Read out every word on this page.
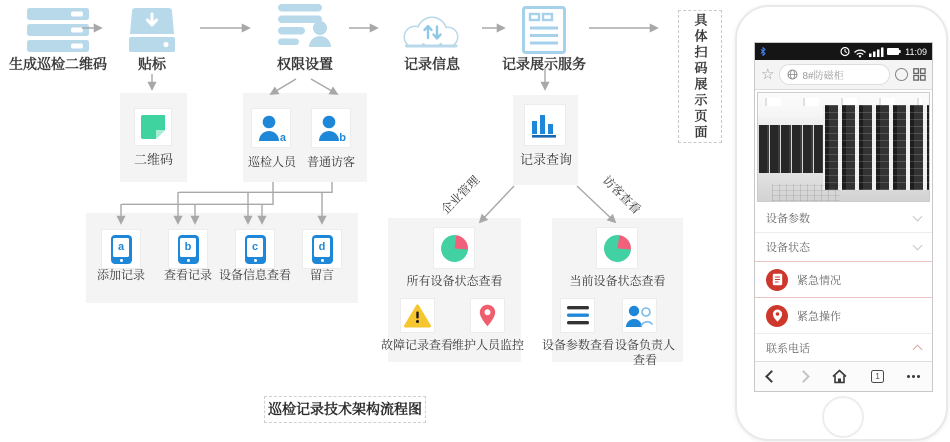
生成巡检二维码	贴标	权限设置	记录信息	记录展示服务	具体扫码展示页面
二维码
a	b
巡检人员 普通访客
a	b	c	d
添加记录	查看记录 设备信息查看	留言
记录查询
企业管理	访客查看
所有设备状态查看
故障记录查看
维护人员监控
当前设备状态查看
设备参数查看 设备负责人查看
巡检记录技术架构流程图
11:09
☆	8#防磁柜
设备参数
设备状态
紧急情况
紧急操作
联系电话
1
